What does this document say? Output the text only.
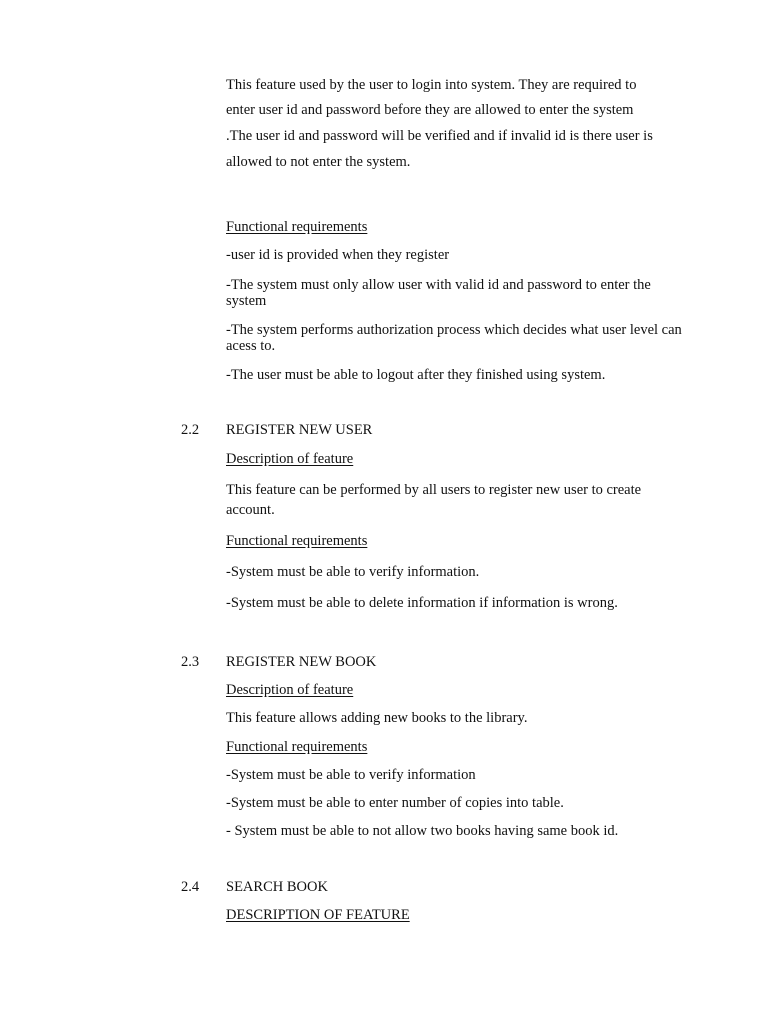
This feature used by the user to login into system. They are required to
enter user id and password before they are allowed to enter the system
.The user id and password will be verified and if invalid id is there user is
allowed to not enter the system.
Functional requirements
-user id is provided when they register
-The system must only allow user with valid id and password to enter the system
-The system performs authorization process which decides what user level can acess to.
-The user must be able to logout after they finished using system.
2.2 REGISTER NEW USER
Description of feature
This feature can be performed by all users to register new user to create
account.
Functional requirements
-System must be able to verify information.
-System must be able to delete information if information is wrong.
2.3 REGISTER NEW BOOK
Description of feature
This feature allows adding new books to the library.
Functional requirements
-System must be able to verify information
-System must be able to enter number of copies into table.
- System must be able to not allow two books having same book id.
2.4 SEARCH BOOK
DESCRIPTION OF FEATURE
